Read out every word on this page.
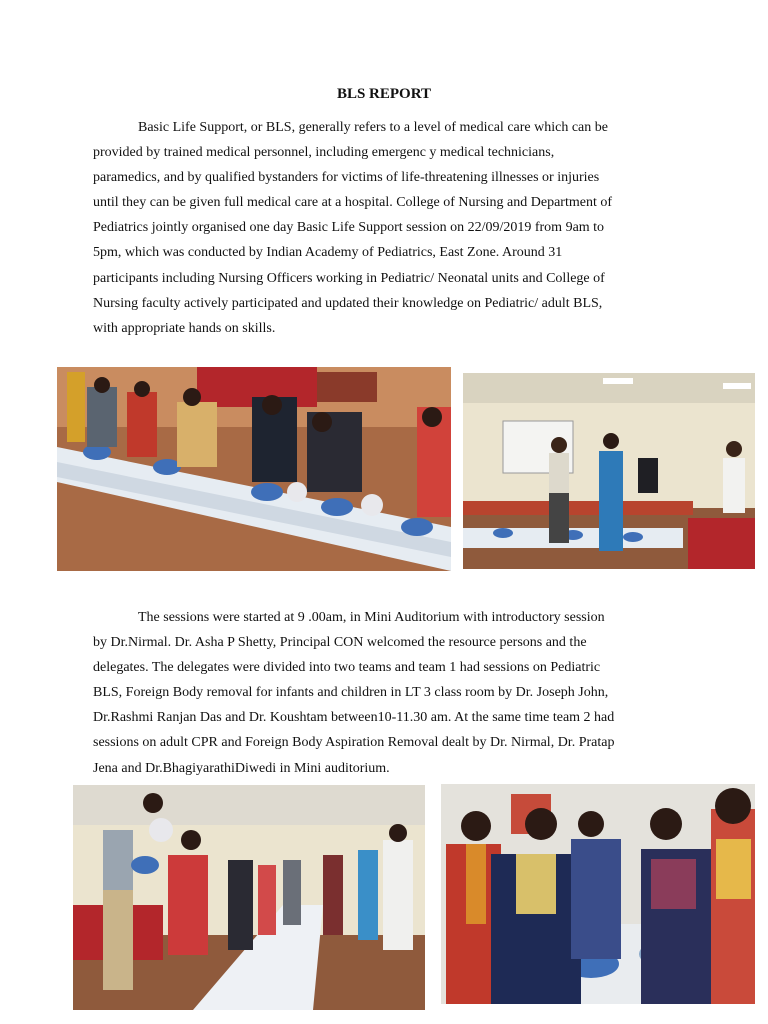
BLS REPORT

Basic Life Support, or BLS, generally refers to a level of medical care which can be
provided by trained medical personnel, including emergenc y medical technicians,
paramedics, and by qualified bystanders for victims of life-threatening illnesses or injuries
until they can be given full medical care at a hospital. College of Nursing and Department of
Pediatrics jointly organised one day Basic Life Support session on 22/09/2019 from 9am to
5pm, which was conducted by Indian Academy of Pediatrics, East Zone. Around 31
participants including Nursing Officers working in Pediatric/ Neonatal units and College of
Nursing faculty actively participated and updated their knowledge on Pediatric/ adult BLS,
with appropriate hands on skills.

The sessions were started at 9 .00am, in Mini Auditorium with introductory session
by Dr.Nirmal. Dr. Asha P Shetty, Principal CON welcomed the resource persons and the
delegates. The delegates were divided into two teams and team 1 had sessions on Pediatric
BLS, Foreign Body removal for infants and children in LT 3 class room by Dr. Joseph John,
Dr.Rashmi Ranjan Das and Dr. Koushtam between10-11.30 am. At the same time team 2 had
sessions on adult CPR and Foreign Body Aspiration Removal dealt by Dr. Nirmal, Dr. Pratap
Jena and Dr.BhagiyarathiDiwedi in Mini auditorium.
